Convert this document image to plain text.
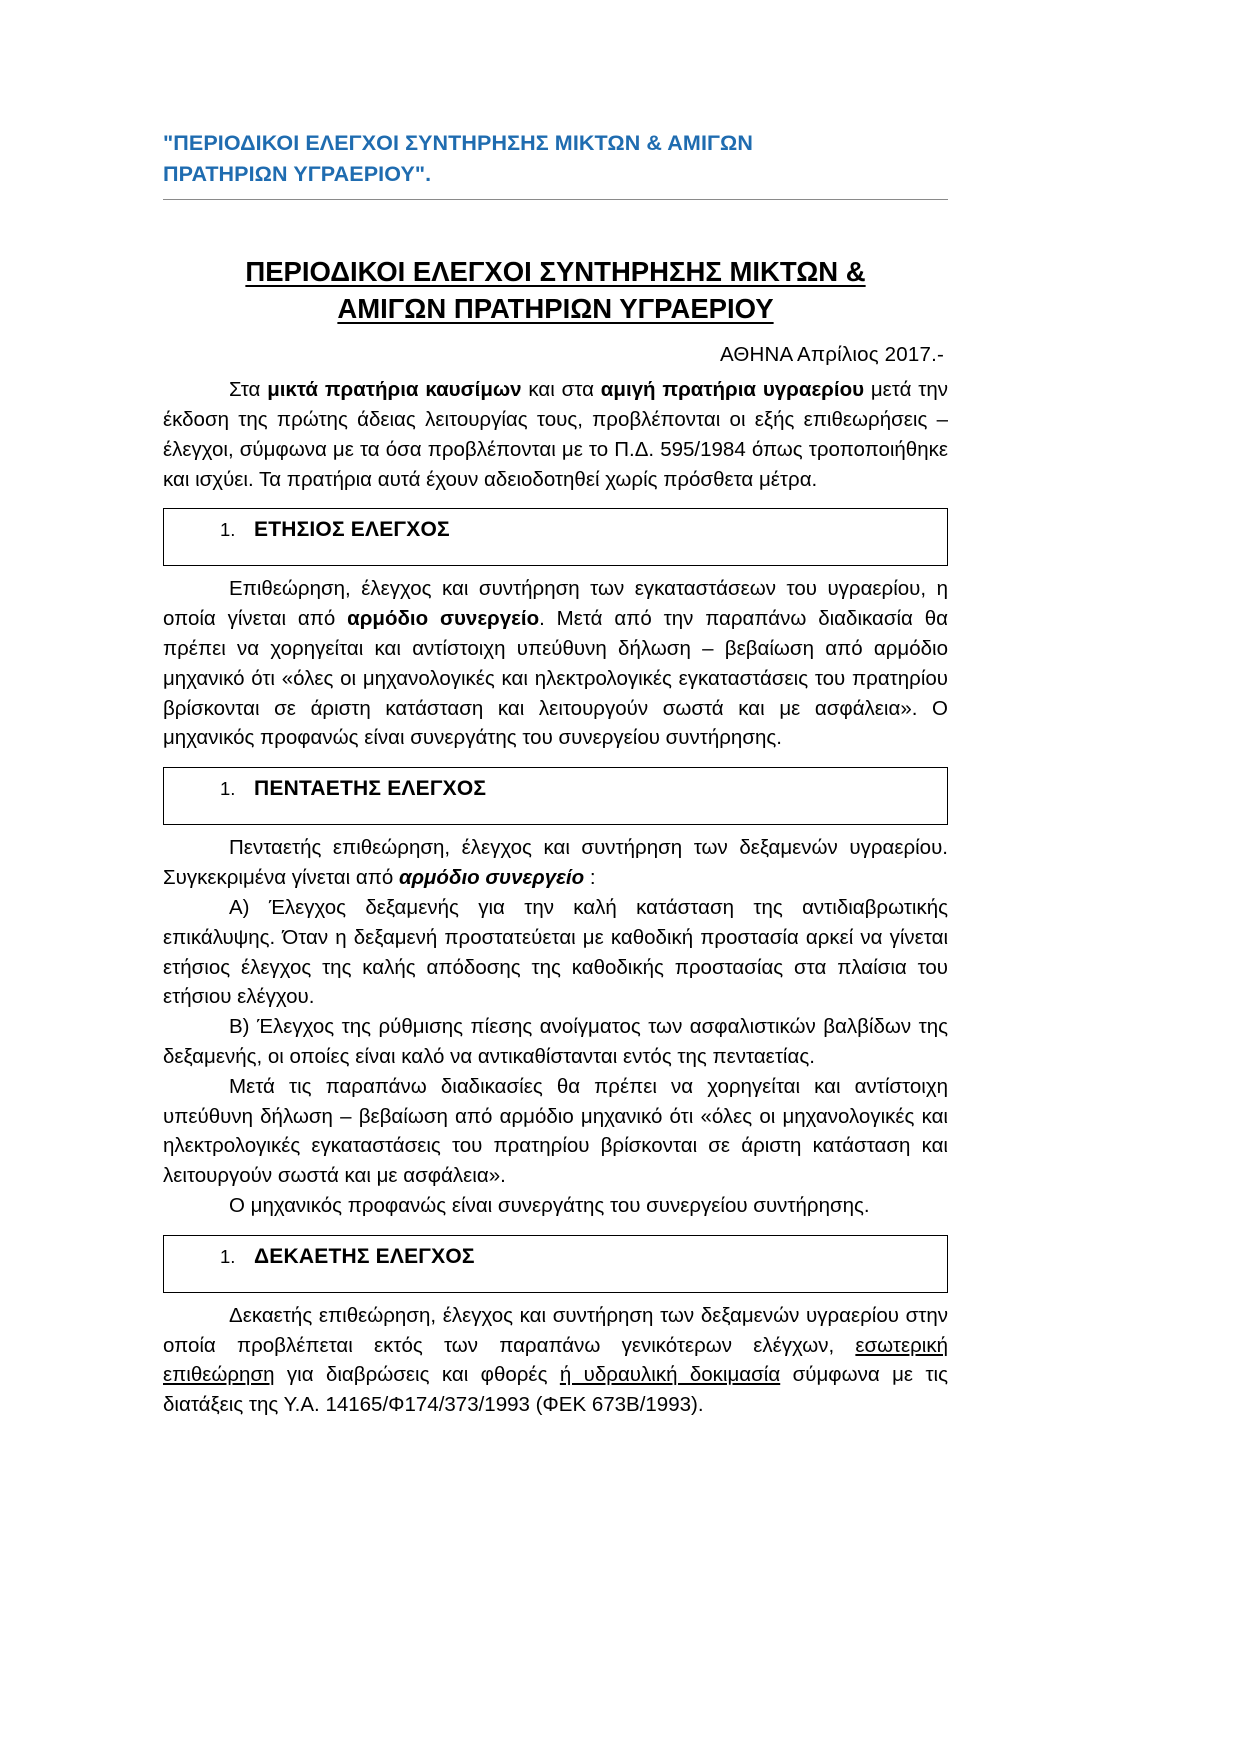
"ΠΕΡΙΟΔΙΚΟΙ ΕΛΕΓΧΟΙ ΣΥΝΤΗΡΗΣΗΣ ΜΙΚΤΩΝ & ΑΜΙΓΩΝ
ΠΡΑΤΗΡΙΩΝ ΥΓΡΑΕΡΙΟΥ".
ΠΕΡΙΟΔΙΚΟΙ ΕΛΕΓΧΟΙ ΣΥΝΤΗΡΗΣΗΣ ΜΙΚΤΩΝ &
ΑΜΙΓΩΝ ΠΡΑΤΗΡΙΩΝ ΥΓΡΑΕΡΙΟΥ
ΑΘΗΝΑ Απρίλιος 2017.-

Στα μικτά πρατήρια καυσίμων και στα αμιγή πρατήρια υγραερίου μετά την έκδοση της πρώτης άδειας λειτουργίας τους, προβλέπονται οι εξής επιθεωρήσεις – έλεγχοι, σύμφωνα με τα όσα προβλέπονται με το Π.Δ. 595/1984 όπως τροποποιήθηκε και ισχύει. Τα πρατήρια αυτά έχουν αδειοδοτηθεί χωρίς πρόσθετα μέτρα.

1. ΕΤΗΣΙΟΣ ΕΛΕΓΧΟΣ

Επιθεώρηση, έλεγχος και συντήρηση των εγκαταστάσεων του υγραερίου, η οποία γίνεται από αρμόδιο συνεργείο. Μετά από την παραπάνω διαδικασία θα πρέπει να χορηγείται και αντίστοιχη υπεύθυνη δήλωση – βεβαίωση από αρμόδιο μηχανικό ότι «όλες οι μηχανολογικές και ηλεκτρολογικές εγκαταστάσεις του πρατηρίου βρίσκονται σε άριστη κατάσταση και λειτουργούν σωστά και με ασφάλεια». Ο μηχανικός προφανώς είναι συνεργάτης του συνεργείου συντήρησης.

1. ΠΕΝΤΑΕΤΗΣ ΕΛΕΓΧΟΣ

Πενταετής επιθεώρηση, έλεγχος και συντήρηση των δεξαμενών υγραερίου. Συγκεκριμένα γίνεται από αρμόδιο συνεργείο :

Α) Έλεγχος δεξαμενής για την καλή κατάσταση της αντιδιαβρωτικής επικάλυψης. Όταν η δεξαμενή προστατεύεται με καθοδική προστασία αρκεί να γίνεται ετήσιος έλεγχος της καλής απόδοσης της καθοδικής προστασίας στα πλαίσια του ετήσιου ελέγχου.

Β) Έλεγχος της ρύθμισης πίεσης ανοίγματος των ασφαλιστικών βαλβίδων της δεξαμενής, οι οποίες είναι καλό να αντικαθίστανται εντός της πενταετίας.

Μετά τις παραπάνω διαδικασίες θα πρέπει να χορηγείται και αντίστοιχη υπεύθυνη δήλωση – βεβαίωση από αρμόδιο μηχανικό ότι «όλες οι μηχανολογικές και ηλεκτρολογικές εγκαταστάσεις του πρατηρίου βρίσκονται σε άριστη κατάσταση και λειτουργούν σωστά και με ασφάλεια».

Ο μηχανικός προφανώς είναι συνεργάτης του συνεργείου συντήρησης.

1. ΔΕΚΑΕΤΗΣ ΕΛΕΓΧΟΣ

Δεκαετής επιθεώρηση, έλεγχος και συντήρηση των δεξαμενών υγραερίου στην οποία προβλέπεται εκτός των παραπάνω γενικότερων ελέγχων, εσωτερική επιθεώρηση για διαβρώσεις και φθορές ή υδραυλική δοκιμασία σύμφωνα με τις διατάξεις της Υ.Α. 14165/Φ174/373/1993 (ΦΕΚ 673Β/1993).
